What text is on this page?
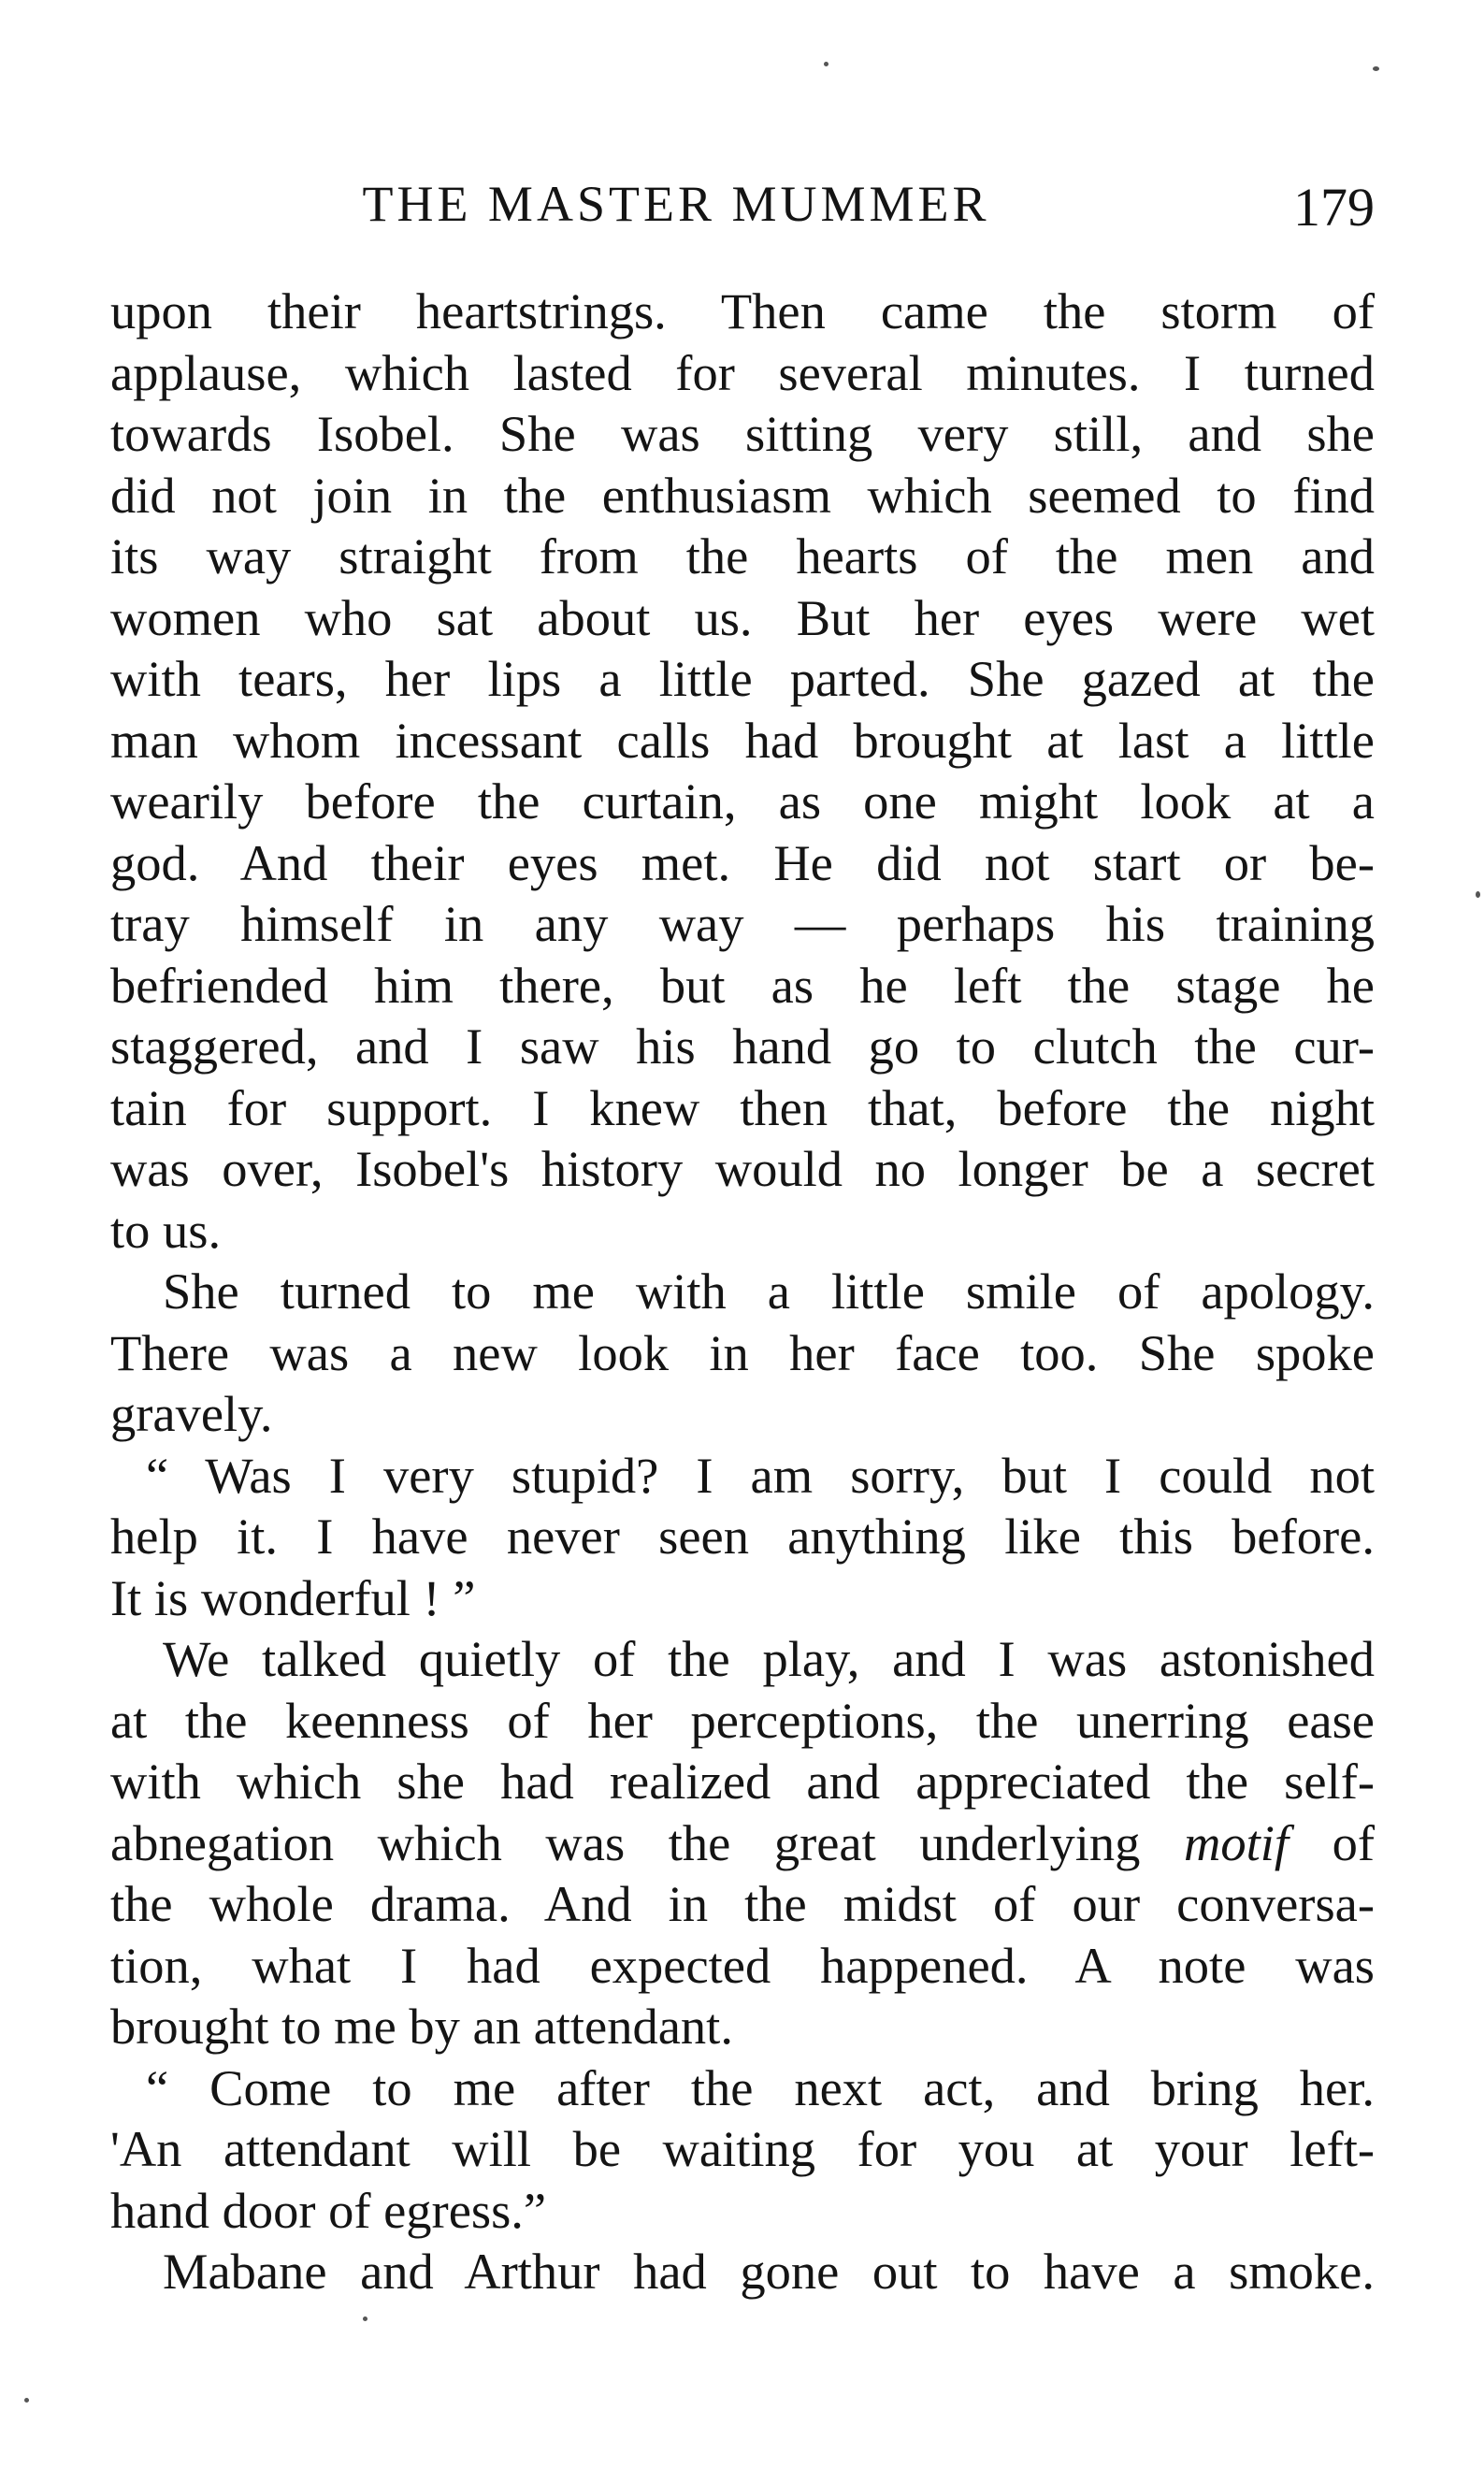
THE MASTER MUMMER	179
upon their heartstrings. Then came the storm of
applause, which lasted for several minutes. I turned
towards Isobel. She was sitting very still, and she
did not join in the enthusiasm which seemed to find
its way straight from the hearts of the men and
women who sat about us. But her eyes were wet
with tears, her lips a little parted. She gazed at the
man whom incessant calls had brought at last a little
wearily before the curtain, as one might look at a
god. And their eyes met. He did not start or be-
tray himself in any way — perhaps his training
befriended him there, but as he left the stage he
staggered, and I saw his hand go to clutch the cur-
tain for support. I knew then that, before the night
was over, Isobel's history would no longer be a secret
to us.
She turned to me with a little smile of apology.
There was a new look in her face too. She spoke
gravely.
“ Was I very stupid? I am sorry, but I could not
help it. I have never seen anything like this before.
It is wonderful ! ”
We talked quietly of the play, and I was astonished
at the keenness of her perceptions, the unerring ease
with which she had realized and appreciated the self-
abnegation which was the great underlying motif of
the whole drama. And in the midst of our conversa-
tion, what I had expected happened. A note was
brought to me by an attendant.
“ Come to me after the next act, and bring her.
'An attendant will be waiting for you at your left-
hand door of egress.”
Mabane and Arthur had gone out to have a smoke.
